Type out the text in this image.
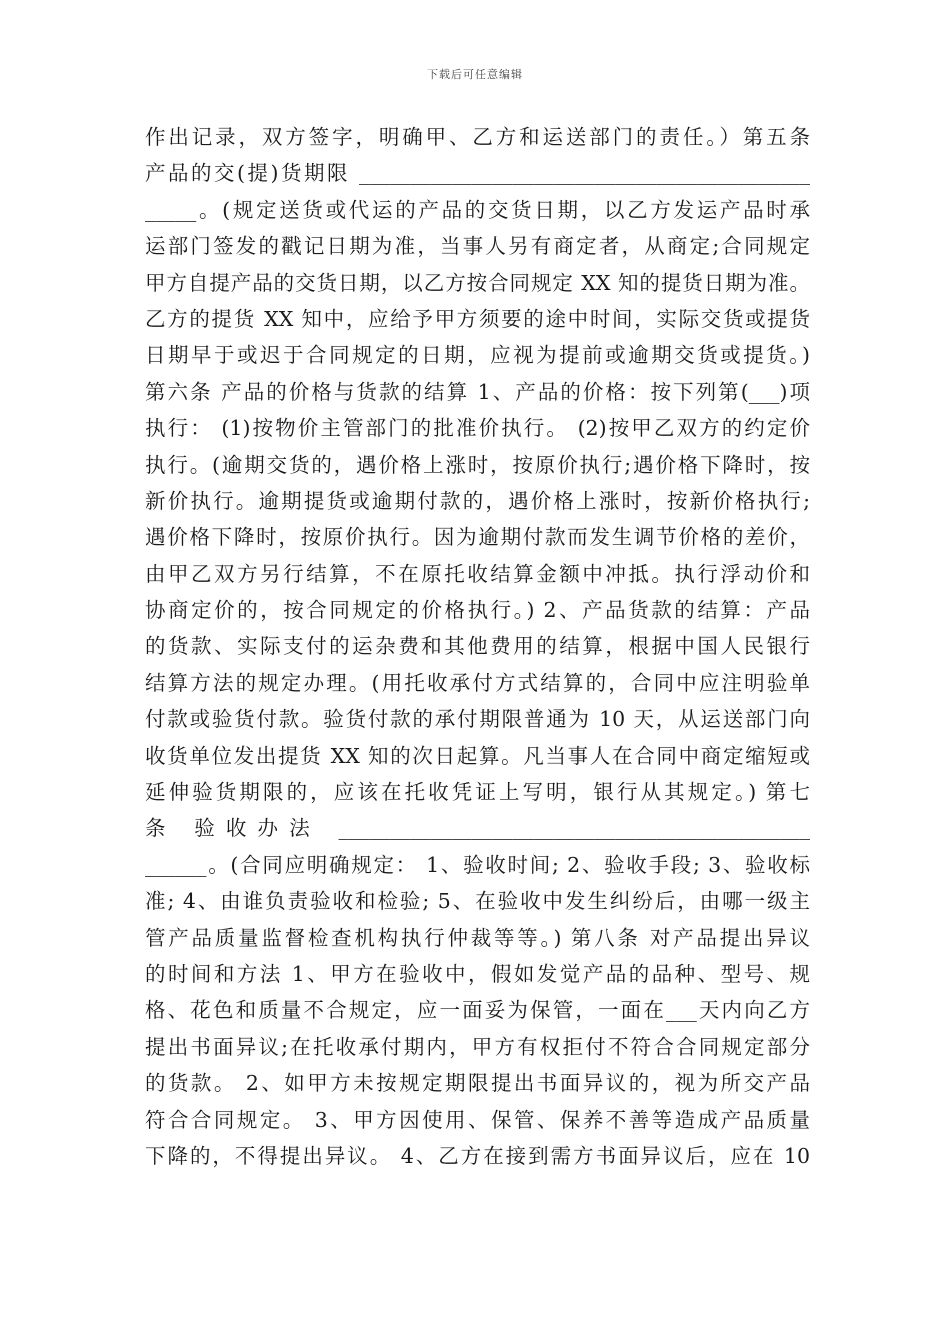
下载后可任意编辑
作出记录，双方签字，明确甲、乙方和运送部门的责任。）第五条
产品的交(提)货期限 ____________________________________________
_____。(规定送货或代运的产品的交货日期，以乙方发运产品时承
运部门签发的戳记日期为准，当事人另有商定者，从商定;合同规定
甲方自提产品的交货日期，以乙方按合同规定 XX 知的提货日期为准。
乙方的提货 XX 知中，应给予甲方须要的途中时间，实际交货或提货
日期早于或迟于合同规定的日期，应视为提前或逾期交货或提货。)
第六条 产品的价格与货款的结算 1、产品的价格：按下列第(___)项
执行： (1)按物价主管部门的批准价执行。 (2)按甲乙双方的约定价
执行。(逾期交货的，遇价格上涨时，按原价执行;遇价格下降时，按
新价执行。逾期提货或逾期付款的，遇价格上涨时，按新价格执行;
遇价格下降时，按原价执行。因为逾期付款而发生调节价格的差价，
由甲乙双方另行结算，不在原托收结算金额中冲抵。执行浮动价和
协商定价的，按合同规定的价格执行。) 2、产品货款的结算：产品
的货款、实际支付的运杂费和其他费用的结算，根据中国人民银行
结算方法的规定办理。(用托收承付方式结算的，合同中应注明验单
付款或验货付款。验货付款的承付期限普通为 10 天，从运送部门向
收货单位发出提货 XX 知的次日起算。凡当事人在合同中商定缩短或
延伸验货期限的，应该在托收凭证上写明，银行从其规定。) 第七
条 验收办法 ______________________________________________
______。(合同应明确规定： 1、验收时间; 2、验收手段; 3、验收标
准; 4、由谁负责验收和检验; 5、在验收中发生纠纷后，由哪一级主
管产品质量监督检查机构执行仲裁等等。) 第八条 对产品提出异议
的时间和方法 1、甲方在验收中，假如发觉产品的品种、型号、规
格、花色和质量不合规定，应一面妥为保管，一面在___天内向乙方
提出书面异议;在托收承付期内，甲方有权拒付不符合合同规定部分
的货款。 2、如甲方未按规定期限提出书面异议的，视为所交产品
符合合同规定。 3、甲方因使用、保管、保养不善等造成产品质量
下降的，不得提出异议。 4、乙方在接到需方书面异议后，应在 10
